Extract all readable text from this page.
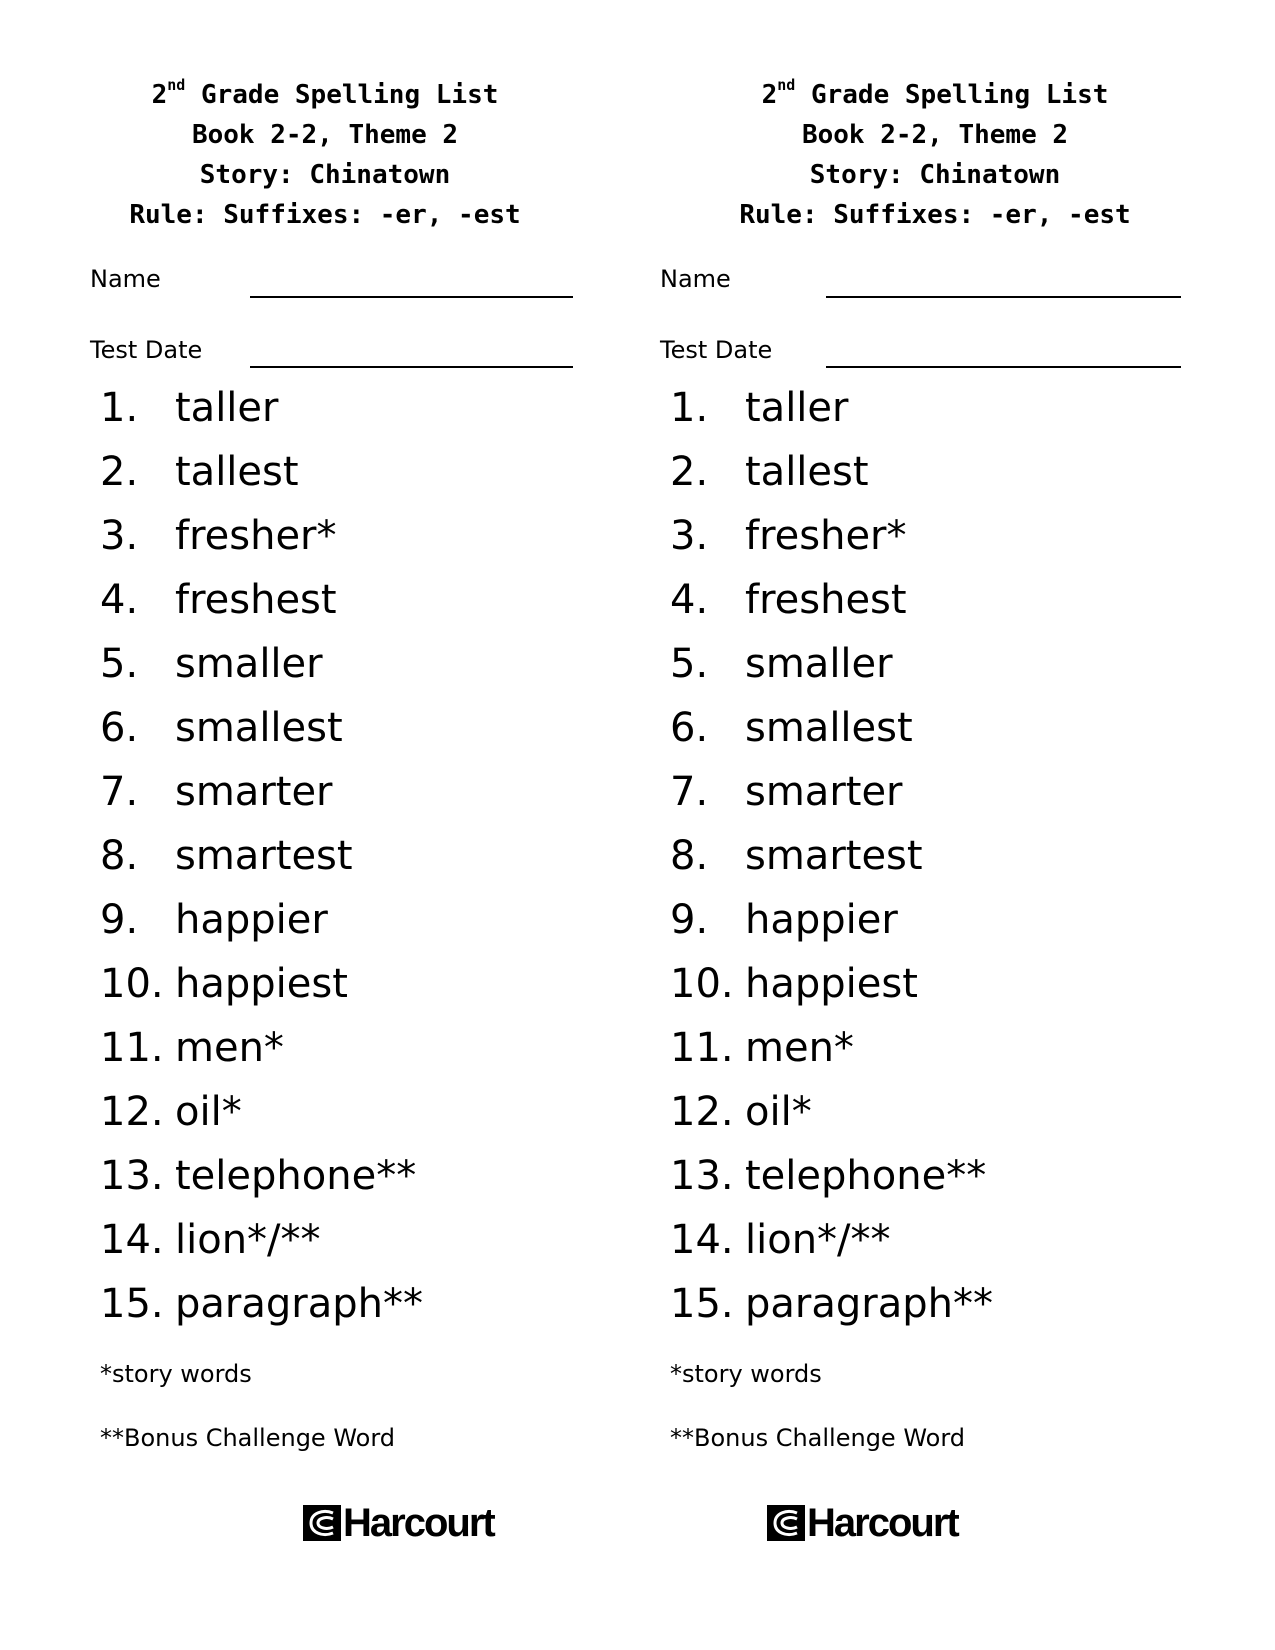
2nd Grade Spelling List
Book 2-2, Theme 2
Story: Chinatown
Rule: Suffixes: -er, -est
Name
Test Date
1. taller
2. tallest
3. fresher*
4. freshest
5. smaller
6. smallest
7. smarter
8. smartest
9. happier
10. happiest
11. men*
12. oil*
13. telephone**
14. lion*/**
15. paragraph**
*story words
**Bonus Challenge Word
Harcourt
2nd Grade Spelling List
Book 2-2, Theme 2
Story: Chinatown
Rule: Suffixes: -er, -est
Name
Test Date
1. taller
2. tallest
3. fresher*
4. freshest
5. smaller
6. smallest
7. smarter
8. smartest
9. happier
10. happiest
11. men*
12. oil*
13. telephone**
14. lion*/**
15. paragraph**
*story words
**Bonus Challenge Word
Harcourt
